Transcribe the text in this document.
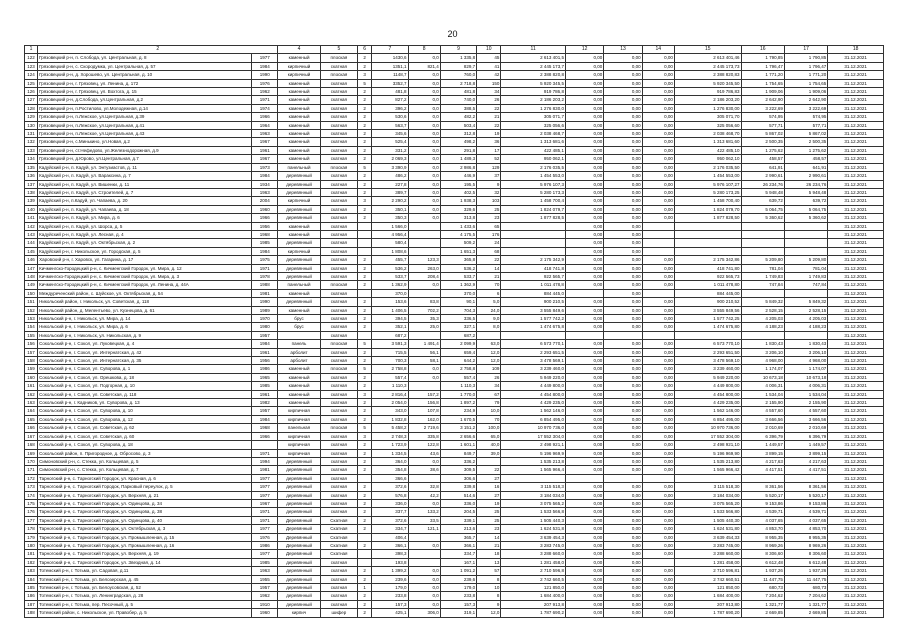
20
1	2		4	5	6	7	8	9	10	11	12	13	14	15	16	17	18
122	Грязовецкий р-н, п. Слобода, ул. Центральная, д. 8	1977	каменный	плоская	2	1430,6	0,0	1 335,8	45	2 613 401,5	0,00	0,00	0,00	2 613 401,46	1 790,85	1 790,85	31.12.2021
123	Грязовецкий р-н, с. Скородумка, ул. Центральная, д. 57	1984	кирпичный	скатная	2	1351,1	821,4	829,7	41	2 445 173,7	0,00	0,00	0,00	2 445 173,73	1 796,47	1 796,47	31.12.2021
124	Грязовецкий р-н, д. Хорошево, ул. Центральная, д. 10	1990	кирпичный	плоская	3	1148,7	0,0	760,0	42	2 388 820,8	0,00	0,00	0,00	2 388 820,83	1 771,20	1 771,20	31.12.2021
125	Грязовецкий р-н, г. Грязовец, ул. Ленина, д. 172	1976	каменный	скатная	5	3352,7	0,0	2 718,8	150	5 920 345,5	0,00	0,00	0,00	5 920 345,50	1 754,65	1 754,65	31.12.2021
126	Грязовецкий р-н, г. Грязовец, ул. Вохтога, д. 15	1962	каменный	скатная	2	481,8	0,0	481,8	34	919 786,8	0,00	0,00	0,00	919 786,83	1 909,06	1 909,06	31.12.2021
127	Грязовецкий р-н, д.Слобода, ул.Центральная, д.2	1971	каменный	скатная	2	827,2	0,0	740,0	26	2 186 203,2	0,00	0,00	0,00	2 186 203,20	2 642,90	2 642,90	31.12.2021
128	Грязовецкий р-н, п.Ростилово, ул.Молодежная, д.14	1974	каменный	скатная	2	396,2	0,0	388,5	22	1 276 830,0	0,00	0,00	0,00	1 276 830,00	3 222,69	3 222,69	31.12.2021
129	Грязовецкий р-н, п.Лежское, ул.Центральная, д.39	1966	каменный	скатная	2	530,6	0,0	482,2	21	305 071,7	0,00	0,00	0,00	305 071,70	574,95	574,95	31.12.2021
130	Грязовецкий р-н, п.Лежское, ул.Центральная, д.41	1964	каменный	скатная	2	563,7	0,0	503,4	22	325 056,6	0,00	0,00	0,00	325 056,60	577,71	577,71	31.12.2021
131	Грязовецкий р-н, п.Лежское, ул.Центральная, д.43	1963	каменный	скатная	2	345,6	0,0	312,8	19	2 038 468,7	0,00	0,00	0,00	2 038 468,70	5 867,02	5 867,02	31.12.2021
132	Грязовецкий р-н, с.Минькино, ул.Новая, д.2	1967	каменный	скатная	2	525,4	0,0	498,2	36	1 313 681,6	0,00	0,00	0,00	1 313 681,60	2 500,35	2 500,35	31.12.2021
133	Грязовецкий р-н, ст.Нефедово, ул.Железнодорожная, д.9	1961	каменный	скатная	2	331,2	0,0	291,8	17	422 485,1	0,00	0,00	0,00	422 485,10	1 275,62	1 275,62	31.12.2021
134	Грязовецкий р-н, д.Юрово, ул.Центральная, д.7	1967	каменный	скатная	2	2 069,3	0,0	1 489,3	52	950 062,1	0,00	0,00	0,00	950 062,10	458,57	458,57	31.12.2021
135	Кадуйский р-н, п. Кадуй, ул. Энтузиастов, д. 11	1973	панельный	плоская	5	3 390,9	0,0	2 986,8	129	2 176 035,5	0,00	0,00	0,00	2 176 035,50	641,91	641,91	31.12.2021
136	Кадуйский р-н, п. Кадуй, ул. Вараксина, д. 7	1984	деревянный	скатная	2	486,2	0,0	446,9	37	1 454 553,0	0,00	0,00	0,00	1 454 553,00	2 990,61	2 990,61	31.12.2021
137	Кадуйский р-н, п. Кадуй, ул. Вишенки, д. 11	1934	деревянный	скатная	2	227,8	0,0	195,5	9	5 976 107,3	0,00	0,00	0,00	5 976 107,27	26 234,76	26 234,76	31.12.2021
138	Кадуйский р-н, п. Кадуй, ул. Строителей, д. 7	1963	деревянный	скатная	2	389,7	0,0	402,5	32	5 280 173,3	0,00	0,00	0,00	5 280 173,25	5 948,48	5 948,48	31.12.2021
139	Кадуйский р-н, п.Кадуй, ул. Чапаева, д. 20	2004	кирпичный	скатная	3	2 290,2	0,0	1 938,3	103	1 458 700,4	0,00	0,00	0,00	1 458 700,40	639,72	639,72	31.12.2021
140	Кадуйский р-н, п. Кадуй, ул. Чапаева, д. 18	1960	деревянный	скатная	2	350,1	0,0	329,6	25	1 824 079,7	0,00	0,00	0,00	1 824 079,70	5 064,75	5 064,75	31.12.2021
141	Кадуйский р-н, п. Кадуй, ул. Мира, д. 6	1966	деревянный	скатная	2	350,3	0,0	313,8	23	1 877 828,5	0,00	0,00	0,00	1 877 828,50	5 360,62	5 360,62	31.12.2021
142	Кадуйский р-н, п. Кадуй, ул. Шорса, д. 5	1956	каменный	скатная		1 566,0		1 433,6	65		0,00	0,00					31.12.2021
143	Кадуйский р-н, п. Кадуй, ул. Лесная, д. 4	1968	каменный	скатная		4 956,4		4 175,5	176		0,00	0,00					31.12.2021
144	Кадуйский р-н, п. Кадуй, ул. Октябрьская, д. 2	1985	деревянный	скатная		580,4		509,2	24		0,00	0,00					31.12.2021
145	Кадуйский р-н, г. Никольское, ул. Городская, д. 5	1984	кирпичный	скатная		1 808,6		1 651,3	68		0,00	0,00					31.12.2021
146	Харовский р-н, г. Харовск, ул. Гагарина, д. 17	1975	деревянный	скатная	2	455,7	123,3	365,8	22	2 175 342,9	0,00	0,00	0,00	2 175 342,86	5 209,80	5 209,80	31.12.2021
147	Кичменгско-Городецкий р-н, с. Кичменгский Городок, ул. Мира, д. 12	1971	деревянный	скатная	2	536,2	263,0	536,2	14	418 741,8	0,00	0,00	0,00	418 741,80	781,04	781,04	31.12.2021
148	Кичменгско-Городецкий р-н, с. Кичменгский Городок, ул. Мира, д. 3	1978	деревянный	скатная	2	533,7	208,4	533,7	21	922 565,7	0,00	0,00	0,00	922 565,73	1 749,83	1 749,83	31.12.2021
149	Кичменгско-Городецкий р-н, с. Кичменгский Городок, ул. Ленина, д. 44А	1988	панельный	плоская	2	1 362,9	0,0	1 362,9	70	1 011 478,8	0,00	0,00	0,00	1 011 478,80	747,84	747,84	31.12.2021
150	Междуреченский район, с. Шуйское, ул. Октябрьская, д. 54	1981	каменный	скатная		370,0		370,0	6	884 445,0		0,00		884 445,00			31.12.2021
151	Никольский район, г. Никольск, ул. Советская, д. 118	1990	деревянный	скатная	2	153,6	83,8	90,1	5,0	900 210,5	0,00	0,00	0,00	900 210,52	5 849,32	5 849,32	31.12.2021
152	Никольский район, д. Мелентьево, ул. Кузнецова, д. 61	1989	каменный	скатная	2	1 406,5	702,2	704,3	24,0	3 555 849,6	0,00	0,00	0,00	3 555 849,56	2 528,15	2 528,15	31.12.2021
153	Никольский р-н, г. Никольск, ул. Мира, д. 14	1970	брус	скатная	2	394,5	35,3	336,5	9,0	1 577 742,2	0,00	0,00	0,00	1 577 742,25	4 205,03	4 205,03	31.12.2021
154	Никольский р-н, г. Никольск, ул. Мира, д. 6	1980	брус	скатная	2	352,1	25,0	327,1	8,0	1 474 675,8	0,00	0,00	0,00	1 474 675,80	4 188,23	4 188,23	31.12.2021
155	Никольский р-н, г. Никольск, ул. Никольская, д. 9	1957		скатная		687,2		687,2									31.12.2021
156	Сокольский р-н, г. Сокол, ул. Луковецкая, д. 4	1984	панель	плоская	5	3 591,3	1 491,4	2 099,9	63,0	6 573 770,1	0,00	0,00	0,00	6 573 770,10	1 830,43	1 830,43	31.12.2021
157	Сокольский р-н, г. Сокол, ул. Интернатская, д. 42	1961	арболит	скатная	2	715,5	56,1	659,4	12,0	2 293 651,5	0,00	0,00	0,00	2 293 651,50	3 206,10	3 206,10	31.12.2021
158	Сокольский р-н, г. Сокол, ул. Интернатская, д. 35	1956	арболит	скатная	2	700,3	58,1	644,2	12,0	3 478 569,1	0,00	0,00	0,00	3 478 569,10	4 968,00	4 968,00	31.12.2021
159	Сокольский р-н, г. Сокол, ул. Суворова, д. 1	1986	каменный	плоская	5	2 758,8	0,0	2 758,8	109	3 239 460,0	0,00	0,00	0,00	3 239 460,00	1 174,07	1 174,07	31.12.2021
160	Сокольский р-н, г. Сокол, ул. Орешкова, д. 18	1965	каменный	скатная	2	557,4	0,0	557,4	26	5 949 220,0	0,00	0,00	0,00	5 949 220,00	10 673,18	10 673,18	31.12.2021
161	Сокольский р-н, г. Сокол, ул. Подгорная, д. 10	1985	каменный	скатная	2	1 110,3		1 110,3	34	4 449 800,0	0,00	0,00	0,00	4 449 800,00	4 006,31	4 006,31	31.12.2021
162	Сокольский р-н, г. Сокол, ул. Советская, д. 118	1961	каменный	скатная	3	2 816,4	157,2	1 770,0	67	4 454 800,0	0,00	0,00	0,00	4 454 800,00	1 534,04	1 534,04	31.12.2021
163	Сокольский р-н, г. Кадников, ул. Суворова, д. 13	1982	каменный	скатная	2	2 054,0	156,8	1 897,2	79	4 429 235,0	0,00	0,00	0,00	4 429 235,00	2 155,90	2 155,90	31.12.2021
164	Сокольский р-н, г. Сокол, ул. Суворова, д. 10	1957	кирпичная	скатная	2	343,0	107,8	234,9	10,0	1 562 146,0	0,00	0,00	0,00	1 562 146,00	4 557,60	4 557,60	31.12.2021
165	Сокольский р-н, г. Сокол, ул. Суворова, д. 12	1984	кирпичная	скатная	2	1 832,8	162,0	1 670,5	70	6 854 495,0	0,00	0,00	0,00	6 854 495,00	3 666,56	3 666,56	31.12.2021
166	Сокольский р-н, г. Сокол, ул. Советская, д. 62	1968	панельная	плоская	5	5 458,2	2 719,6	3 151,2	100,0	10 970 736,0	0,00	0,00	0,00	10 970 736,00	2 010,69	2 010,69	31.12.2021
167	Сокольский р-н, г. Сокол, ул. Советская, д. 60	1966	кирпичная	скатная	3	2 748,3	335,8	2 656,6	65,0	17 552 304,0	0,00	0,00	0,00	17 552 304,00	6 396,79	6 396,79	31.12.2021
168	Сокольский р-н, г. Сокол, ул. Суворова, д. 18		кирпичная	скатная	2	1 723,9	122,8	1 601,1	40,0	2 498 921,1	0,00	0,00	0,00	2 498 921,10	1 449,57	1 449,57	31.12.2021
169	Сокольский район, п. Пригородное, д. Обросово, д. 3	1971	кирпичная	скатная	2	1 334,5	43,6	849,7	39,0	5 196 969,9	0,00	0,00	0,00	5 196 969,90	3 899,15	3 899,15	31.12.2021
170	Симоновский р-н, с. Стекка, ул. Кольцевая, д. 5	1994	деревянный	скатная	2	364,0	0,0	336,2		1 535 213,8	0,00	0,00	0,00	1 535 213,80	4 217,63	4 217,63	31.12.2021
171	Симоновский р-н, с. Стекка, ул. Кольцевая, д. 7	1981	деревянный	скатная	2	354,8	38,6	309,5	22	1 565 966,4	0,00	0,00	0,00	1 565 966,42	4 417,51	4 417,51	31.12.2021
172	Тарногский р-н, с. Тарногский Городок, ул. Красная, д. 6	1977	деревянный	скатная		366,6		306,6	27								31.12.2021
173	Тарногский р-н, с. Тарногский Городок, Парковый переулок, д. 5	1977	деревянный	скатная	2	372,6	32,8	339,8	16	3 115 518,3	0,00	0,00	0,00	3 115 518,30	8 361,56	8 361,56	31.12.2021
174	Тарногский р-н, с. Тарногский Городок, ул. Верхняя, д. 21	1977	деревянный	скатная	2	576,8	42,2	514,6	27	3 184 034,0	0,00	0,00	0,00	3 184 034,00	5 520,17	5 520,17	31.12.2021
175	Тарногский р-н, с. Тарногский Городок, ул. Одинцова, д. 34	1967	деревянный	скатная	2	336,0	0,0	336,0	19	3 075 565,2	0,00	0,00	0,00	3 075 565,20	9 153,86	9 153,86	31.12.2021
176	Тарногский р-н, с. Тарногский Городок, ул. Одинцова, д. 38	1971	деревянный	скатная	2	337,7	133,2	204,5	25	1 533 566,8	0,00	0,00	0,00	1 533 566,80	4 539,71	4 539,71	31.12.2021
177	Тарногский р-н, с. Тарногский Городок, ул. Одинцова, д. 40	1971	Деревянный	Скатная	2	372,6	33,5	339,1	25	1 505 440,3	0,00	0,00	0,00	1 505 440,30	4 037,65	4 037,65	31.12.2021
178	Тарногский р-н, с. Тарногский Городок, ул. Октябрьская, д. 3	1977	Деревянный	Скатная	2	334,7	121,1	213,6	23	1 624 531,8	0,00	0,00	0,00	1 624 531,80	4 853,70	4 853,70	31.12.2021
179	Тарногский р-н, с. Тарногский Городок, ул. Промышленная, д. 15	1976	Деревянный	Скатная		406,4		365,7	14	3 639 454,3	0,00	0,00	0,00	3 639 454,33	8 955,35	8 955,35	31.12.2021
180	Тарногский р-н, с. Тарногский Городок, ул. Промышленная, д. 16	1986	Деревянный	Скатная	2	366,1	0,0	366,1	21	3 283 745,0	0,00	0,00	0,00	3 283 745,00	8 969,26	8 969,26	31.12.2021
181	Тарногский р-н, с. Тарногский Городок, ул. Верхняя, д. 19	1977	Деревянный	Скатная		398,3		334,7	18	3 288 660,0	0,00	0,00	0,00	3 288 660,00	8 306,60	8 306,60	31.12.2021
182	Тарногский р-н, с. Тарногский Городок, ул. Звездная, д. 14	1985	деревянный	скатная		193,8		167,1	13	1 281 458,0	0,00	0,00		1 281 458,00	6 612,48	6 612,48	31.12.2021
183	Тотемский р-н, г. Тотьма, ул. Садовая, д.11	1963	деревянный	скатная	2	1 399,2	0,0	1 091,2	57	2 710 596,8	0,00	0,00	0,00	2 710 596,81	1 937,26	1 937,26	31.12.2021
184	Тотемский р-н, г. Тотьма, ул. Белозерская, д. 45	1955	деревянный	скатная	2	239,6	0,0	239,6	8	2 742 660,5	0,00	0,00	0,00	2 742 660,51	11 447,75	11 447,75	31.12.2021
185	Тотемский р-н, г. Тотьма, ул. Белоусовская, д. 52	1957	деревянный	скатная	1	179,0	0,0	179,0	10	121 850,0	0,00	0,00	0,00	121 850,00	680,73	680,73	31.12.2021
186	Тотемский р-н, г. Тотьма, ул. Ленинградская, д. 28	1962	деревянный	скатная	2	233,8	0,0	233,8	8	1 684 400,0	0,00	0,00	0,00	1 684 400,00	7 204,62	7 204,62	31.12.2021
187	Тотемский р-н, г. Тотьма, пер. Песочный, д. 5	1910	деревянный	скатная	2	157,3	0,0	157,3	9	207 913,8	0,00	0,00	0,00	207 913,80	1 321,77	1 321,77	31.12.2021
188	Тотемский район, с. Никольское, ул. Правобер, д. 5	1960	кирпич	шифер	2	425,1	306,0	319,1	12,0	1 787 690,2	0,00	0,00	0,00	1 787 690,20	2 669,85	2 669,85	31.12.2021
